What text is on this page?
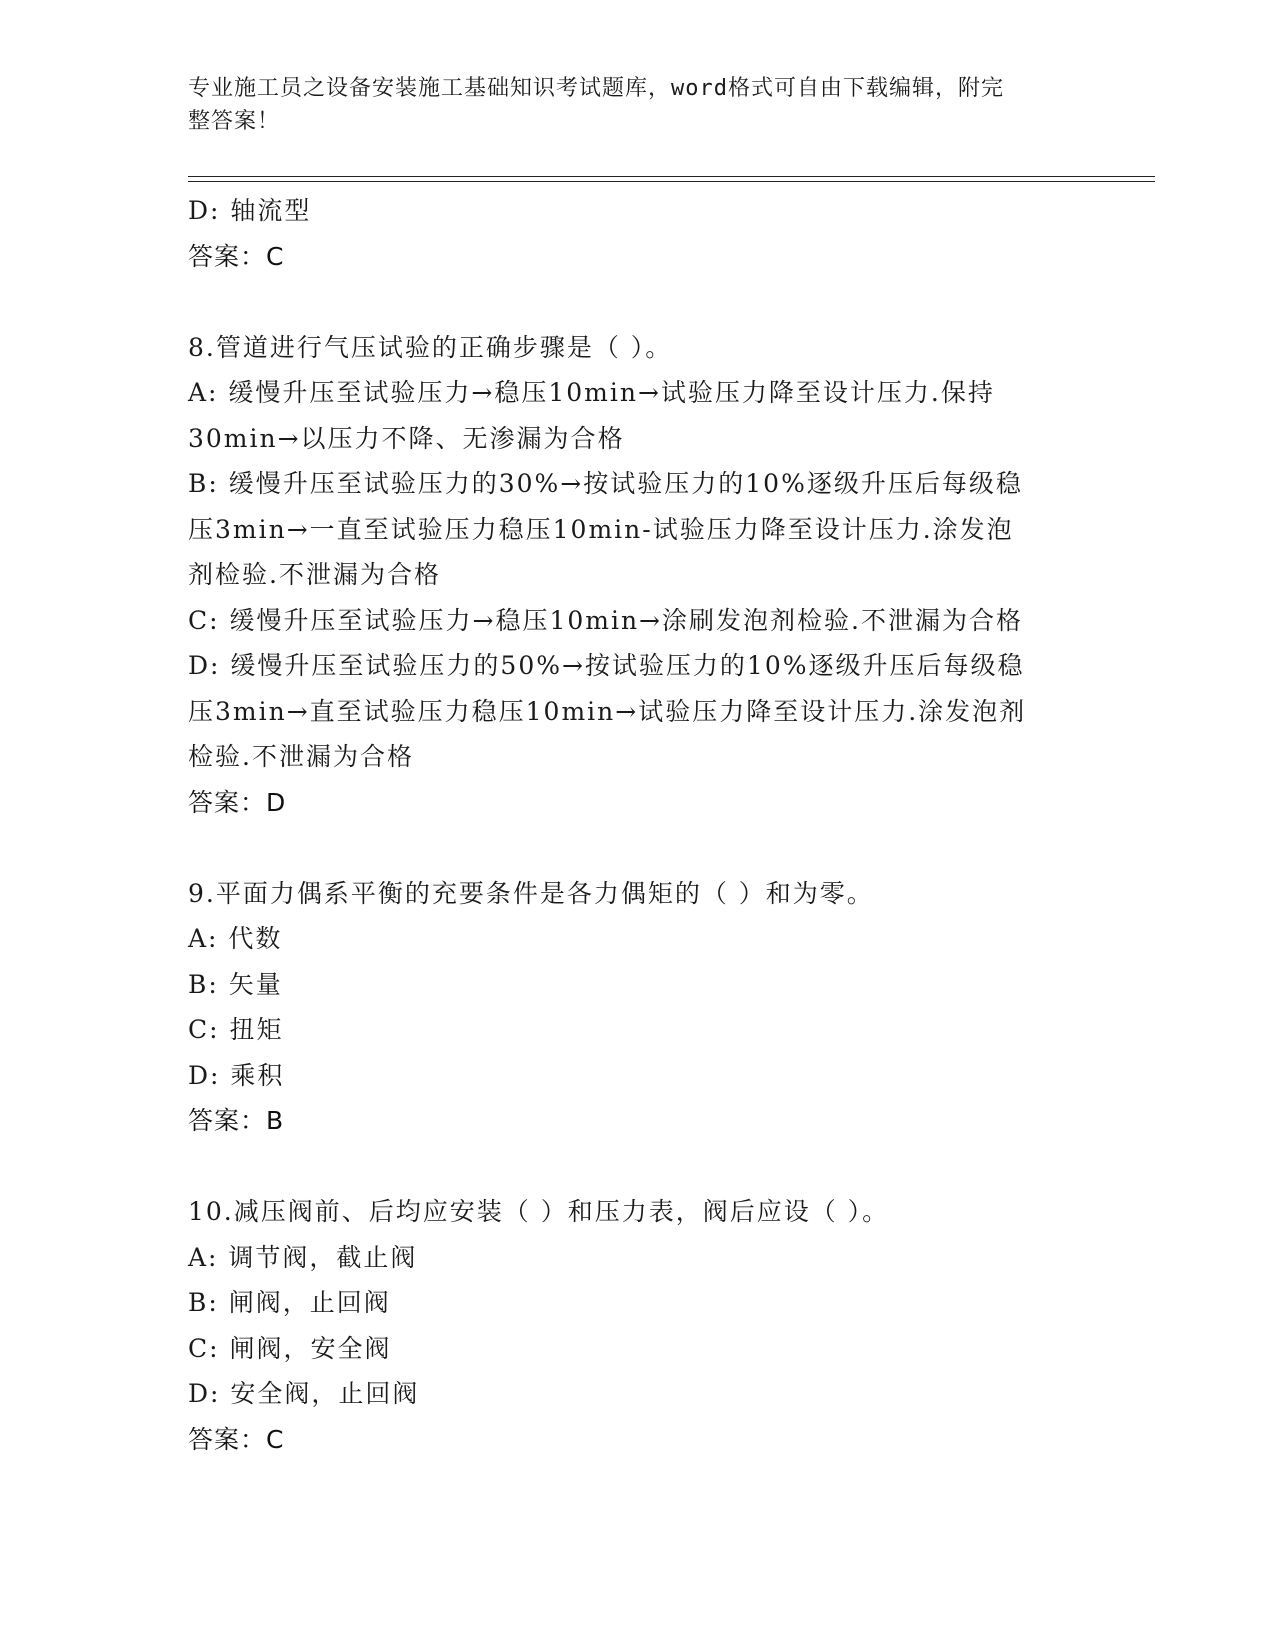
专业施工员之设备安装施工基础知识考试题库，word格式可自由下载编辑，附完
整答案！
D: 轴流型
答案：C
8.管道进行气压试验的正确步骤是（ ）。
A: 缓慢升压至试验压力→稳压10min→试验压力降至设计压力.保持
30min→以压力不降、无渗漏为合格
B: 缓慢升压至试验压力的30%→按试验压力的10%逐级升压后每级稳
压3min→一直至试验压力稳压10min-试验压力降至设计压力.涂发泡
剂检验.不泄漏为合格
C: 缓慢升压至试验压力→稳压10min→涂刷发泡剂检验.不泄漏为合格
D: 缓慢升压至试验压力的50%→按试验压力的10%逐级升压后每级稳
压3min→直至试验压力稳压10min→试验压力降至设计压力.涂发泡剂
检验.不泄漏为合格
答案：D
9.平面力偶系平衡的充要条件是各力偶矩的（ ）和为零。
A: 代数
B: 矢量
C: 扭矩
D: 乘积
答案：B
10.减压阀前、后均应安装（ ）和压力表，阀后应设（ ）。
A: 调节阀，截止阀
B: 闸阀，止回阀
C: 闸阀，安全阀
D: 安全阀，止回阀
答案：C
